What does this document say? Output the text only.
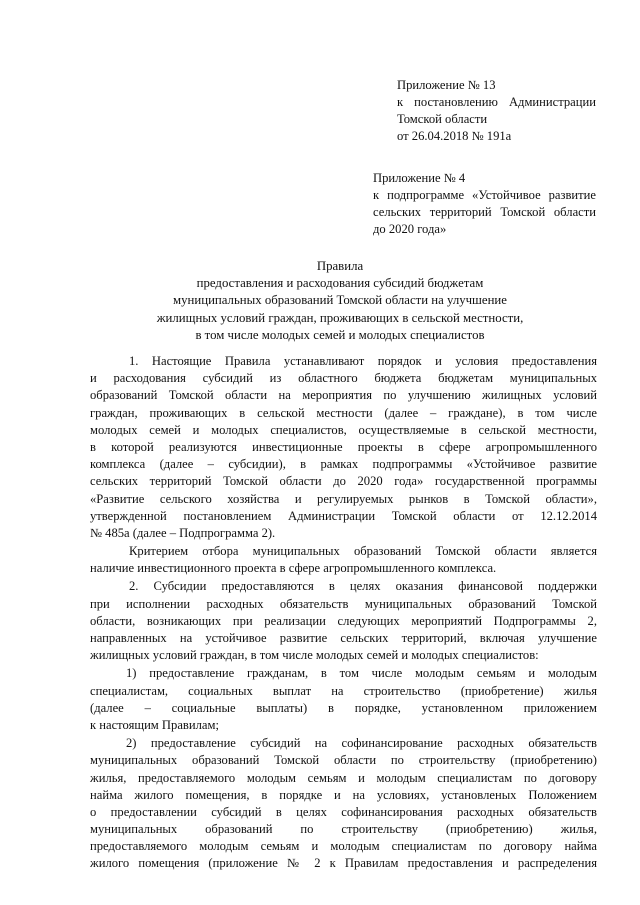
Приложение № 13
к постановлению Администрации
Томской области
от 26.04.2018 № 191а
Приложение № 4
к подпрограмме «Устойчивое развитие
сельских территорий Томской области
до 2020 года»
Правила
предоставления и расходования субсидий бюджетам
муниципальных образований Томской области на улучшение
жилищных условий граждан, проживающих в сельской местности,
в том числе молодых семей и молодых специалистов
1. Настоящие Правила устанавливают порядок и условия предоставления
и расходования субсидий из областного бюджета бюджетам муниципальных
образований Томской области на мероприятия по улучшению жилищных условий
граждан, проживающих в сельской местности (далее – граждане), в том числе
молодых семей и молодых специалистов, осуществляемые в сельской местности,
в которой реализуются инвестиционные проекты в сфере агропромышленного
комплекса (далее – субсидии), в рамках подпрограммы «Устойчивое развитие
сельских территорий Томской области до 2020 года» государственной программы
«Развитие сельского хозяйства и регулируемых рынков в Томской области»,
утвержденной постановлением Администрации Томской области от 12.12.2014
№ 485а (далее – Подпрограмма 2).
Критерием отбора муниципальных образований Томской области является
наличие инвестиционного проекта в сфере агропромышленного комплекса.
2. Субсидии предоставляются в целях оказания финансовой поддержки
при исполнении расходных обязательств муниципальных образований Томской
области, возникающих при реализации следующих мероприятий Подпрограммы 2,
направленных на устойчивое развитие сельских территорий, включая улучшение
жилищных условий граждан, в том числе молодых семей и молодых специалистов:
1) предоставление гражданам, в том числе молодым семьям и молодым
специалистам, социальных выплат на строительство (приобретение) жилья
(далее – социальные выплаты) в порядке, установленном приложением
к настоящим Правилам;
2) предоставление субсидий на софинансирование расходных обязательств
муниципальных образований Томской области по строительству (приобретению)
жилья, предоставляемого молодым семьям и молодым специалистам по договору
найма жилого помещения, в порядке и на условиях, установленых Положением
о предоставлении субсидий в целях софинансирования расходных обязательств
муниципальных образований по строительству (приобретению) жилья,
предоставляемого молодым семьям и молодым специалистам по договору найма
жилого помещения (приложение № 2 к Правилам предоставления и распределения
